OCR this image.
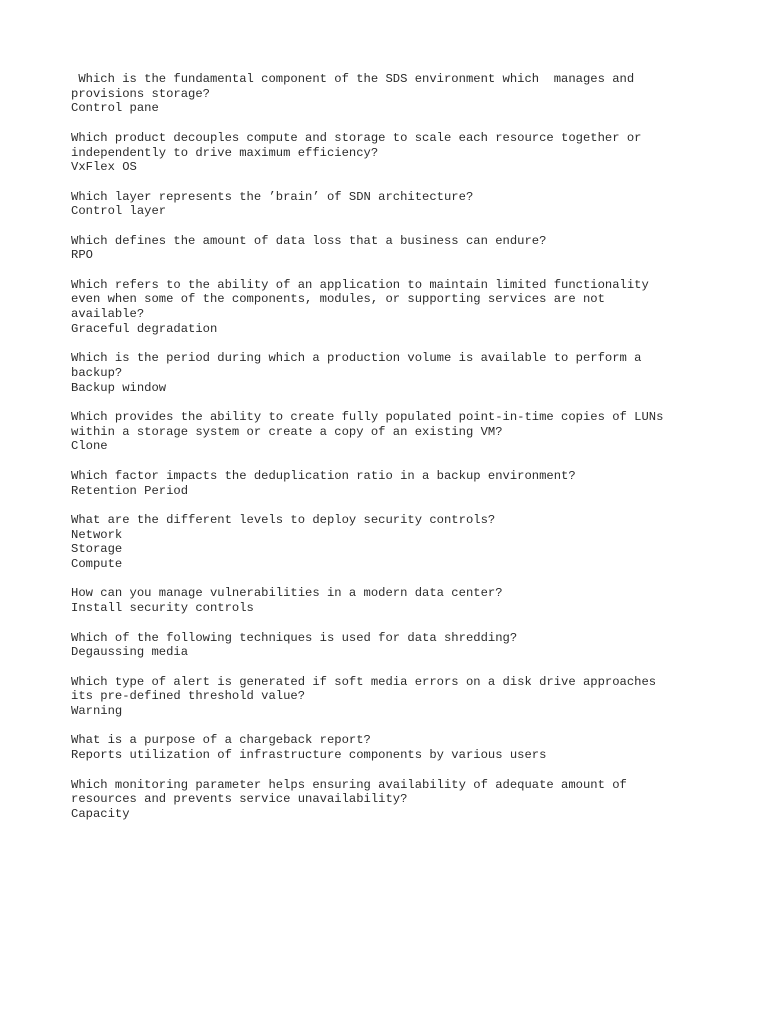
Which is the fundamental component of the SDS environment which  manages and
provisions storage?
Control pane
Which product decouples compute and storage to scale each resource together or
independently to drive maximum efficiency?
VxFlex OS
Which layer represents the ’brain’ of SDN architecture?
Control layer
Which defines the amount of data loss that a business can endure?
RPO
Which refers to the ability of an application to maintain limited functionality
even when some of the components, modules, or supporting services are not
available?
Graceful degradation
Which is the period during which a production volume is available to perform a
backup?
Backup window
Which provides the ability to create fully populated point-in-time copies of LUNs
within a storage system or create a copy of an existing VM?
Clone
Which factor impacts the deduplication ratio in a backup environment?
Retention Period
What are the different levels to deploy security controls?
Network
Storage
Compute
How can you manage vulnerabilities in a modern data center?
Install security controls
Which of the following techniques is used for data shredding?
Degaussing media
Which type of alert is generated if soft media errors on a disk drive approaches
its pre-defined threshold value?
Warning
What is a purpose of a chargeback report?
Reports utilization of infrastructure components by various users
Which monitoring parameter helps ensuring availability of adequate amount of
resources and prevents service unavailability?
Capacity
